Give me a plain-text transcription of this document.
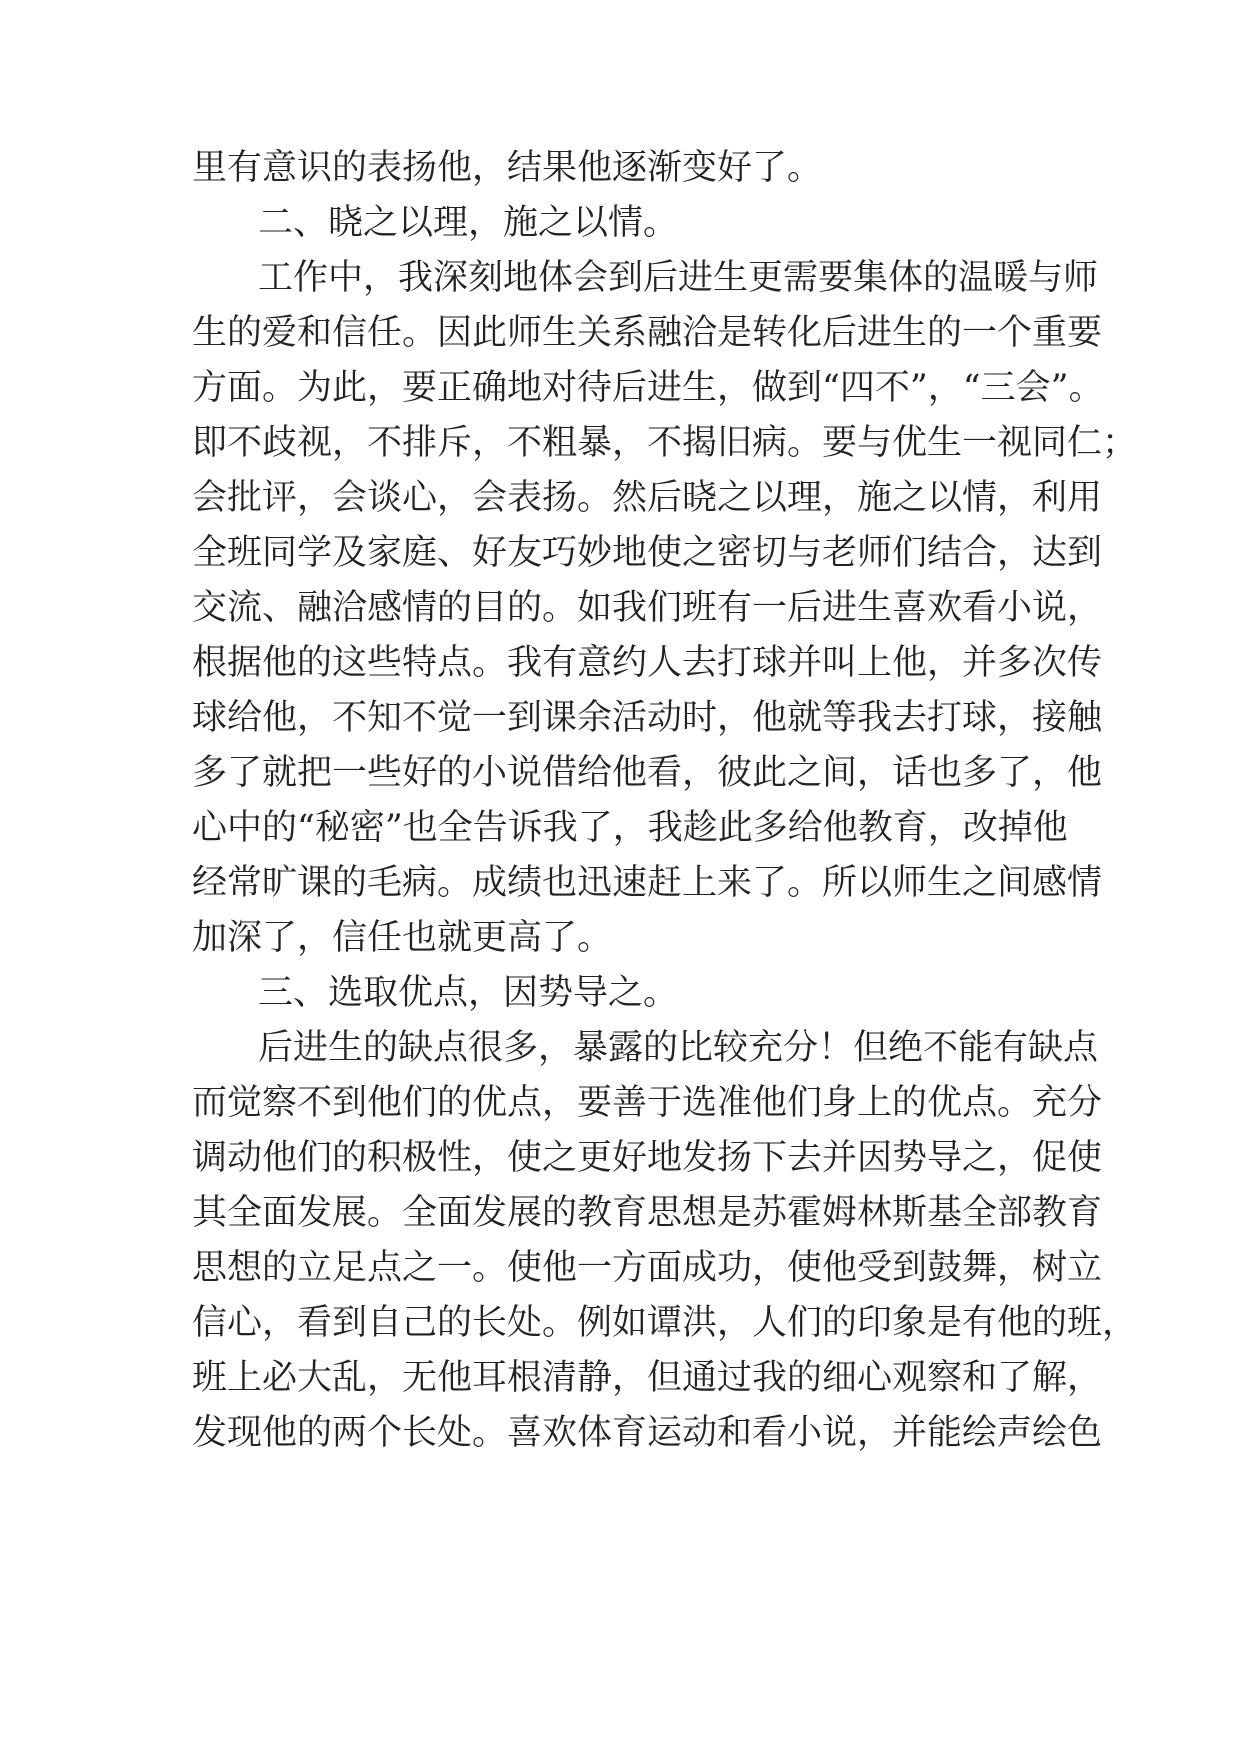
里有意识的表扬他，结果他逐渐变好了。
二、晓之以理，施之以情。
工作中，我深刻地体会到后进生更需要集体的温暖与师
生的爱和信任。因此师生关系融洽是转化后进生的一个重要
方面。为此，要正确地对待后进生，做到“四不”，“三会”。
即不歧视，不排斥，不粗暴，不揭旧病。要与优生一视同仁；
会批评，会谈心，会表扬。然后晓之以理，施之以情，利用
全班同学及家庭、好友巧妙地使之密切与老师们结合，达到
交流、融洽感情的目的。如我们班有一后进生喜欢看小说，
根据他的这些特点。我有意约人去打球并叫上他，并多次传
球给他，不知不觉一到课余活动时，他就等我去打球，接触
多了就把一些好的小说借给他看，彼此之间，话也多了，他
心中的“秘密”也全告诉我了，我趁此多给他教育，改掉他
经常旷课的毛病。成绩也迅速赶上来了。所以师生之间感情
加深了，信任也就更高了。
三、选取优点，因势导之。
后进生的缺点很多，暴露的比较充分！但绝不能有缺点
而觉察不到他们的优点，要善于选准他们身上的优点。充分
调动他们的积极性，使之更好地发扬下去并因势导之，促使
其全面发展。全面发展的教育思想是苏霍姆林斯基全部教育
思想的立足点之一。使他一方面成功，使他受到鼓舞，树立
信心，看到自己的长处。例如谭洪，人们的印象是有他的班，
班上必大乱，无他耳根清静，但通过我的细心观察和了解，
发现他的两个长处。喜欢体育运动和看小说，并能绘声绘色
